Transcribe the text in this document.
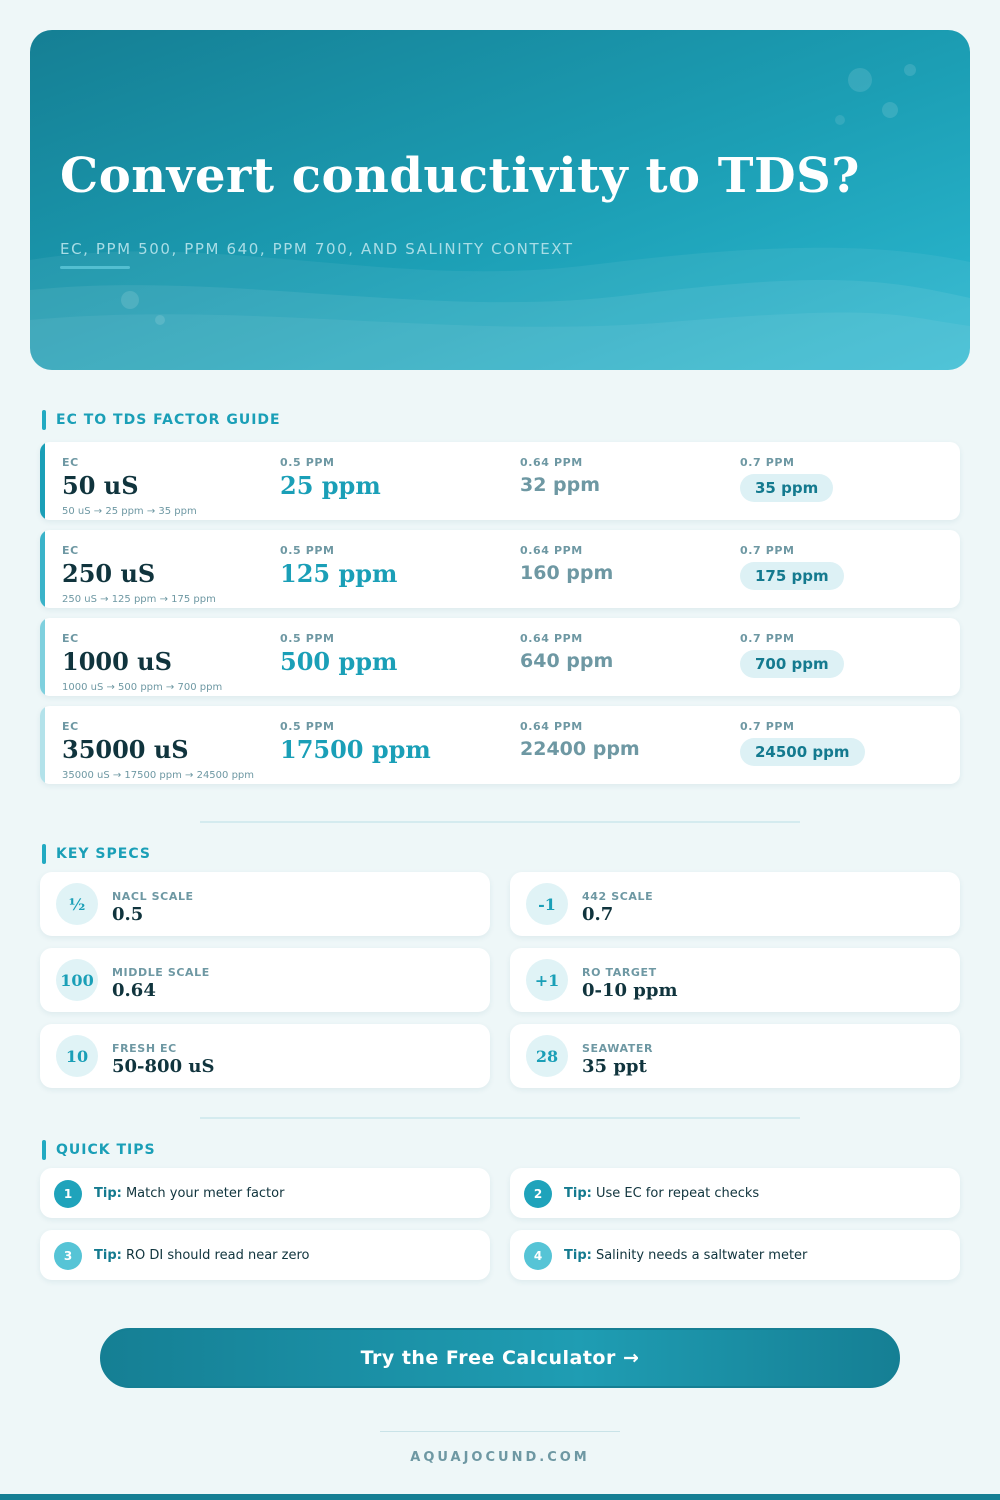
Convert conductivity to TDS?
EC, PPM 500, PPM 640, PPM 700, AND SALINITY CONTEXT
EC TO TDS FACTOR GUIDE
EC
50 uS
0.5 PPM
25 ppm
0.64 PPM
32 ppm
0.7 PPM
35 ppm
50 uS → 25 ppm → 35 ppm
EC
250 uS
0.5 PPM
125 ppm
0.64 PPM
160 ppm
0.7 PPM
175 ppm
250 uS → 125 ppm → 175 ppm
EC
1000 uS
0.5 PPM
500 ppm
0.64 PPM
640 ppm
0.7 PPM
700 ppm
1000 uS → 500 ppm → 700 ppm
EC
35000 uS
0.5 PPM
17500 ppm
0.64 PPM
22400 ppm
0.7 PPM
24500 ppm
35000 uS → 17500 ppm → 24500 ppm
KEY SPECS
½	NACL SCALE
0.5	-1	442 SCALE
0.7
100	MIDDLE SCALE
0.64	+1	RO TARGET
0-10 ppm
10	FRESH EC
50-800 uS	28	SEAWATER
35 ppt
QUICK TIPS
1	Tip: Match your meter factor	2	Tip: Use EC for repeat checks
3	Tip: RO DI should read near zero	4	Tip: Salinity needs a saltwater meter
Try the Free Calculator →
AQUAJOCUND.COM
